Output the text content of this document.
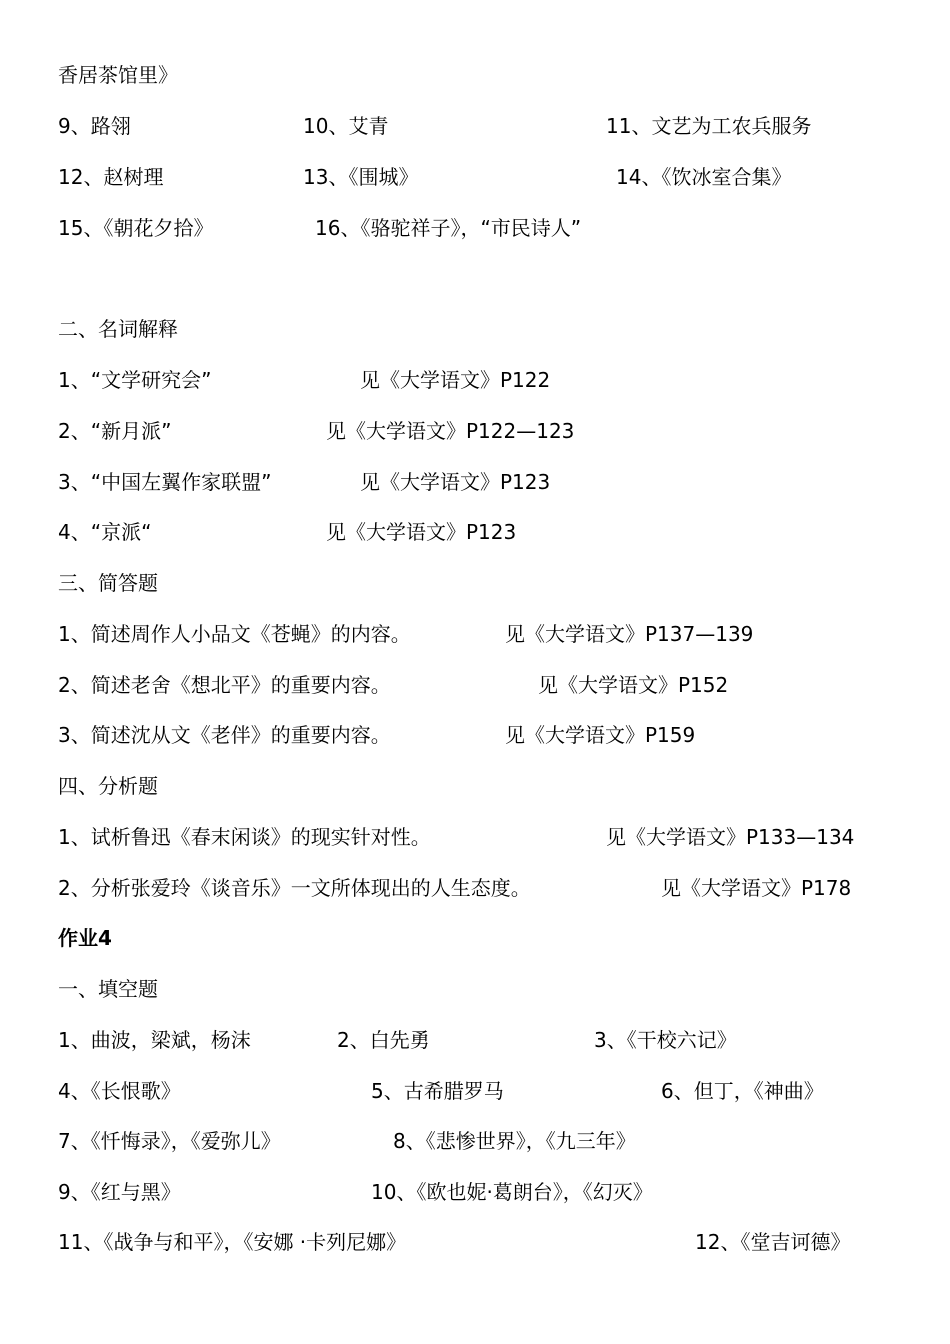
香居茶馆里》
9、路翎	10、艾青	11、文艺为工农兵服务
12、赵树理	13、《围城》	14、《饮冰室合集》
15、《朝花夕拾》	16、《骆驼祥子》，“市民诗人”
二、名词解释
1、“文学研究会”	见《大学语文》P122
2、“新月派”	见《大学语文》P122—123
3、“中国左翼作家联盟”	见《大学语文》P123
4、“京派“	见《大学语文》P123
三、简答题
1、简述周作人小品文《苍蝇》的内容。	见《大学语文》P137—139
2、简述老舍《想北平》的重要内容。	见《大学语文》P152
3、简述沈从文《老伴》的重要内容。	见《大学语文》P159
四、分析题
1、试析鲁迅《春末闲谈》的现实针对性。	见《大学语文》P133—134
2、分析张爱玲《谈音乐》一文所体现出的人生态度。	见《大学语文》P178
作业4
一、填空题
1、曲波，梁斌，杨沫	2、白先勇	3、《干校六记》
4、《长恨歌》	5、古希腊罗马	6、但丁，《神曲》
7、《忏悔录》，《爱弥儿》	8、《悲惨世界》，《九三年》
9、《红与黑》	10、《欧也妮·葛朗台》，《幻灭》
11、《战争与和平》，《安娜 ·卡列尼娜》	12、《堂吉诃德》
